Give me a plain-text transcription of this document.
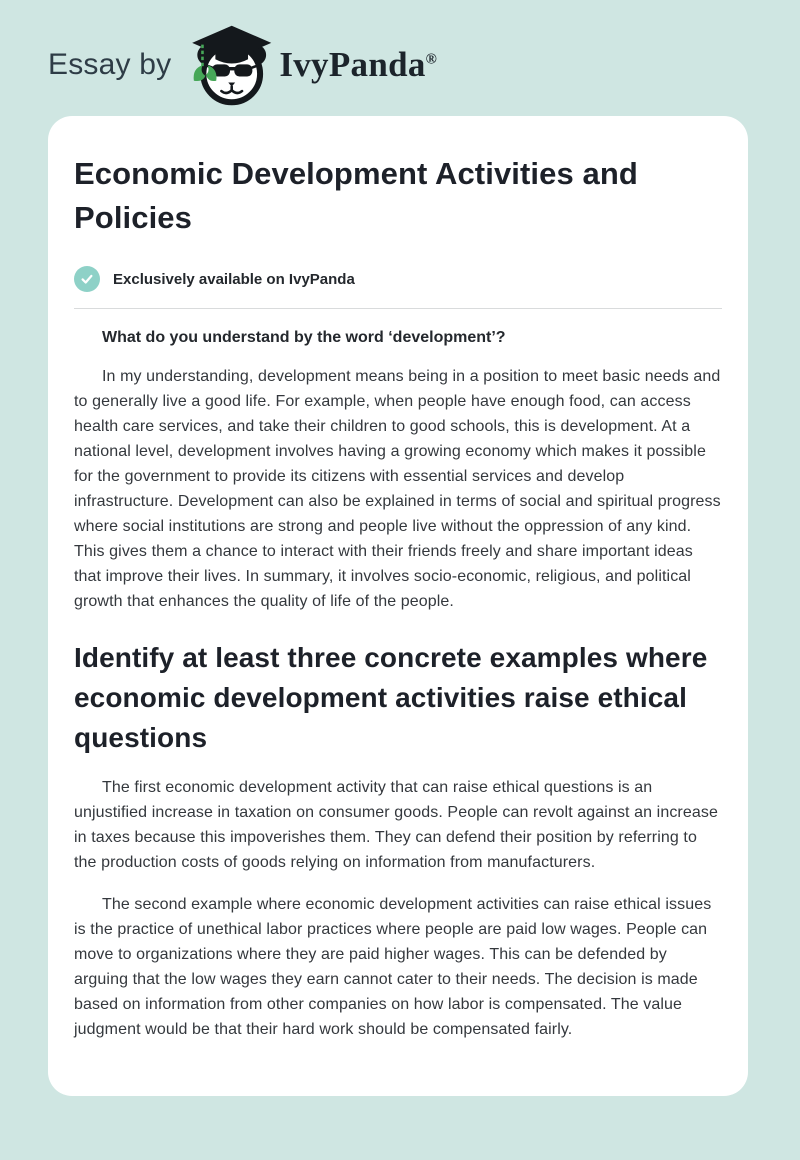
Essay by	IvyPanda®
Economic Development Activities and Policies
Exclusively available on IvyPanda

What do you understand by the word ‘development’?

In my understanding, development means being in a position to meet basic needs and to generally live a good life. For example, when people have enough food, can access health care services, and take their children to good schools, this is development. At a national level, development involves having a growing economy which makes it possible for the government to provide its citizens with essential services and develop infrastructure. Development can also be explained in terms of social and spiritual progress where social institutions are strong and people live without the oppression of any kind. This gives them a chance to interact with their friends freely and share important ideas that improve their lives. In summary, it involves socio-economic, religious, and political growth that enhances the quality of life of the people.

Identify at least three concrete examples where economic development activities raise ethical questions

The first economic development activity that can raise ethical questions is an unjustified increase in taxation on consumer goods. People can revolt against an increase in taxes because this impoverishes them. They can defend their position by referring to the production costs of goods relying on information from manufacturers.

The second example where economic development activities can raise ethical issues is the practice of unethical labor practices where people are paid low wages. People can move to organizations where they are paid higher wages. This can be defended by arguing that the low wages they earn cannot cater to their needs. The decision is made based on information from other companies on how labor is compensated. The value judgment would be that their hard work should be compensated fairly.
